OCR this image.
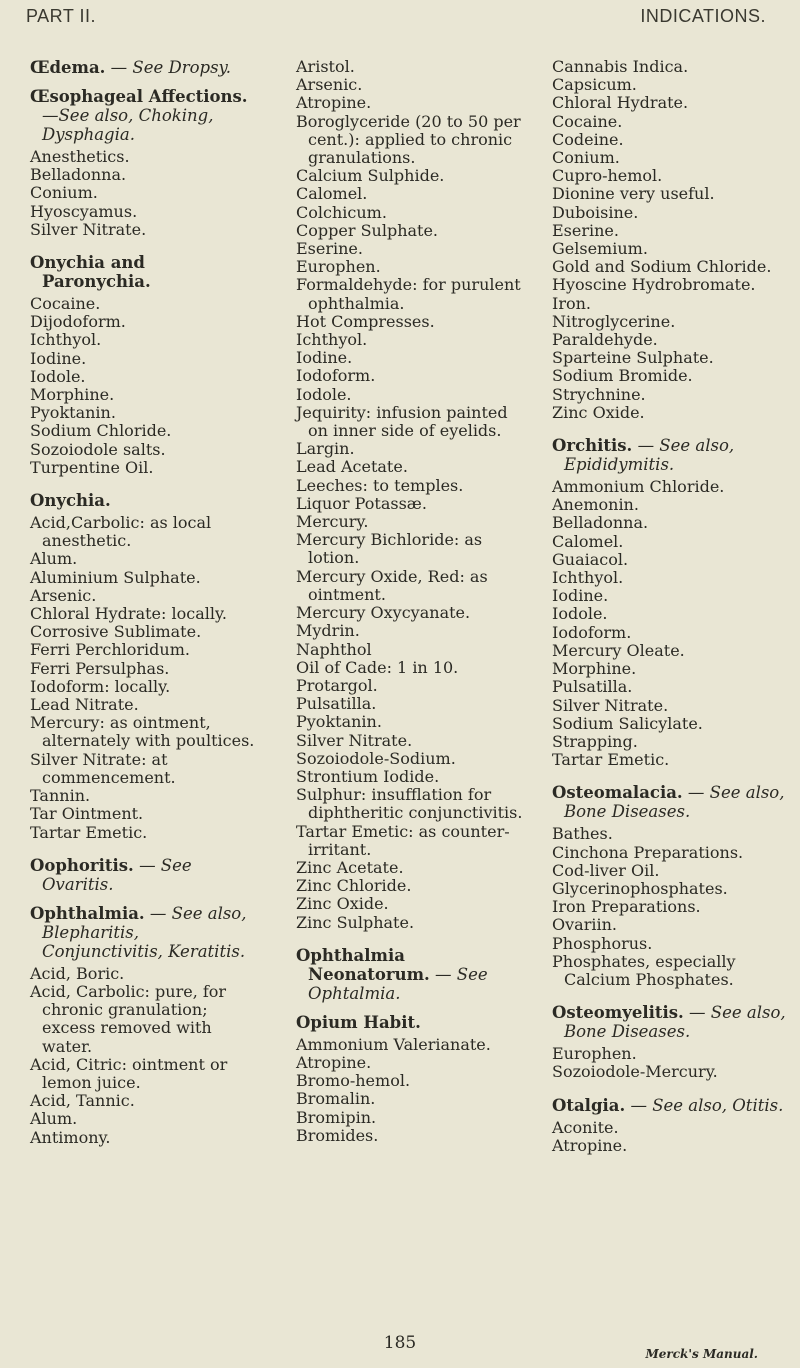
PART II.	INDICATIONS.
Œdema. — See Dropsy.
Œsophageal Affections. —See also, Choking, Dysphagia.
Anesthetics.
Belladonna.
Conium.
Hyoscyamus.
Silver Nitrate.
Onychia and Paronychia.
Cocaine.
Dijodoform.
Ichthyol.
Iodine.
Iodole.
Morphine.
Pyoktanin.
Sodium Chloride.
Sozoiodole salts.
Turpentine Oil.
Onychia.
Acid,Carbolic: as local anesthetic.
Alum.
Aluminium Sulphate.
Arsenic.
Chloral Hydrate: locally.
Corrosive Sublimate.
Ferri Perchloridum.
Ferri Persulphas.
Iodoform: locally.
Lead Nitrate.
Mercury: as ointment, alternately with poultices.
Silver Nitrate: at commencement.
Tannin.
Tar Ointment.
Tartar Emetic.
Oophoritis. — See Ovaritis.
Ophthalmia. — See also, Blepharitis, Conjunctivitis, Keratitis.
Acid, Boric.
Acid, Carbolic: pure, for chronic granulation; excess removed with water.
Acid, Citric: ointment or lemon juice.
Acid, Tannic.
Alum.
Antimony.
Aristol.
Arsenic.
Atropine.
Boroglyceride (20 to 50 per cent.): applied to chronic granulations.
Calcium Sulphide.
Calomel.
Colchicum.
Copper Sulphate.
Eserine.
Europhen.
Formaldehyde: for purulent ophthalmia.
Hot Compresses.
Ichthyol.
Iodine.
Iodoform.
Iodole.
Jequirity: infusion painted on inner side of eyelids.
Largin.
Lead Acetate.
Leeches: to temples.
Liquor Potassæ.
Mercury.
Mercury Bichloride: as lotion.
Mercury Oxide, Red: as ointment.
Mercury Oxycyanate.
Mydrin.
Naphthol
Oil of Cade: 1 in 10.
Protargol.
Pulsatilla.
Pyoktanin.
Silver Nitrate.
Sozoiodole-Sodium.
Strontium Iodide.
Sulphur: insufflation for diphtheritic conjunctivitis.
Tartar Emetic: as counter-irritant.
Zinc Acetate.
Zinc Chloride.
Zinc Oxide.
Zinc Sulphate.
Ophthalmia Neonatorum. — See Ophtalmia.
Opium Habit.
Ammonium Valerianate.
Atropine.
Bromo-hemol.
Bromalin.
Bromipin.
Bromides.
Cannabis Indica.
Capsicum.
Chloral Hydrate.
Cocaine.
Codeine.
Conium.
Cupro-hemol.
Dionine very useful.
Duboisine.
Eserine.
Gelsemium.
Gold and Sodium Chloride.
Hyoscine Hydrobromate.
Iron.
Nitroglycerine.
Paraldehyde.
Sparteine Sulphate.
Sodium Bromide.
Strychnine.
Zinc Oxide.
Orchitis. — See also, Epididymitis.
Ammonium Chloride.
Anemonin.
Belladonna.
Calomel.
Guaiacol.
Ichthyol.
Iodine.
Iodole.
Iodoform.
Mercury Oleate.
Morphine.
Pulsatilla.
Silver Nitrate.
Sodium Salicylate.
Strapping.
Tartar Emetic.
Osteomalacia. — See also, Bone Diseases.
Bathes.
Cinchona Preparations.
Cod-liver Oil.
Glycerinophosphates.
Iron Preparations.
Ovariin.
Phosphorus.
Phosphates, especially Calcium Phosphates.
Osteomyelitis. — See also, Bone Diseases.
Europhen.
Sozoiodole-Mercury.
Otalgia. — See also, Otitis.
Aconite.
Atropine.
185
Merck's Manual.
